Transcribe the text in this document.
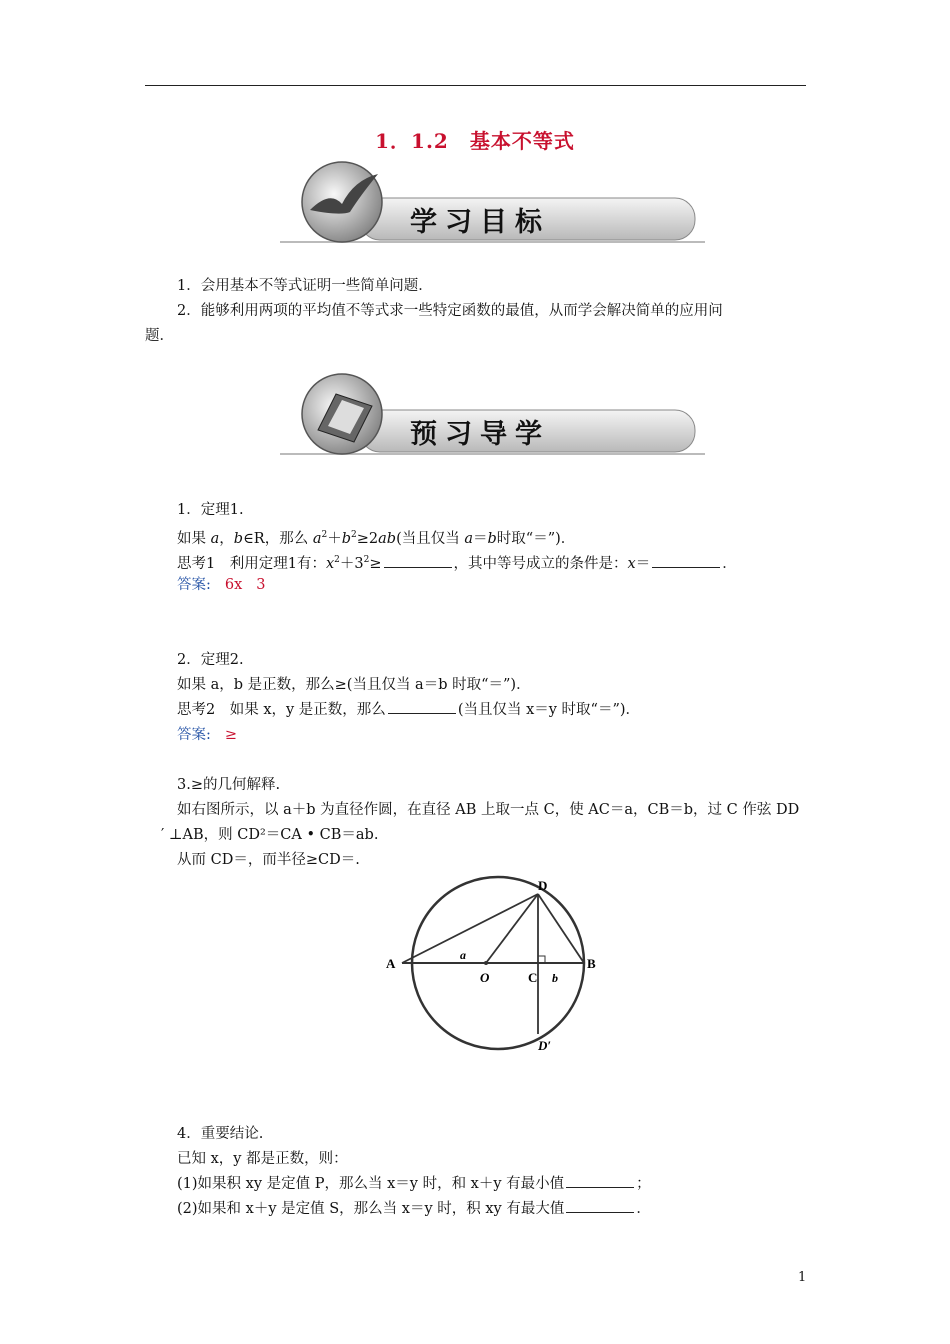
1．1.2　基本不等式
学习目标
1．会用基本不等式证明一些简单问题．
2．能够利用两项的平均值不等式求一些特定函数的最值，从而学会解决简单的应用问
题．
预习导学
1．定理1.
如果 a，b∈R，那么 $a^2+b^2\ge 2ab$(当且仅当 a＝b时取“＝”)．
思考1　利用定理1有：$x^2+3^2\ge$	，其中等号成立的条件是：x＝	．
答案: 6x 3
2．定理2.
如果 a，b 是正数，那么≥(当且仅当 a＝b 时取“＝”)．
思考2　如果 x，y 是正数，那么	(当且仅当 x＝y 时取“＝”)．
答案: ≥
3.≥的几何解释.
如右图所示，以 a＋b 为直径作圆，在直径 AB 上取一点 C，使 AC＝a，CB＝b，过 C 作弦 DD
′ ⊥AB，则 CD²＝CA • CB＝ab.
从而 CD＝，而半径≥CD＝.
A	B
C
D
D′
O
a
b
4．重要结论.
已知 x，y 都是正数，则：
(1)如果积 xy 是定值 P，那么当 x＝y 时，和 x＋y 有最小值	；
(2)如果和 x＋y 是定值 S，那么当 x＝y 时，积 xy 有最大值	．
1
